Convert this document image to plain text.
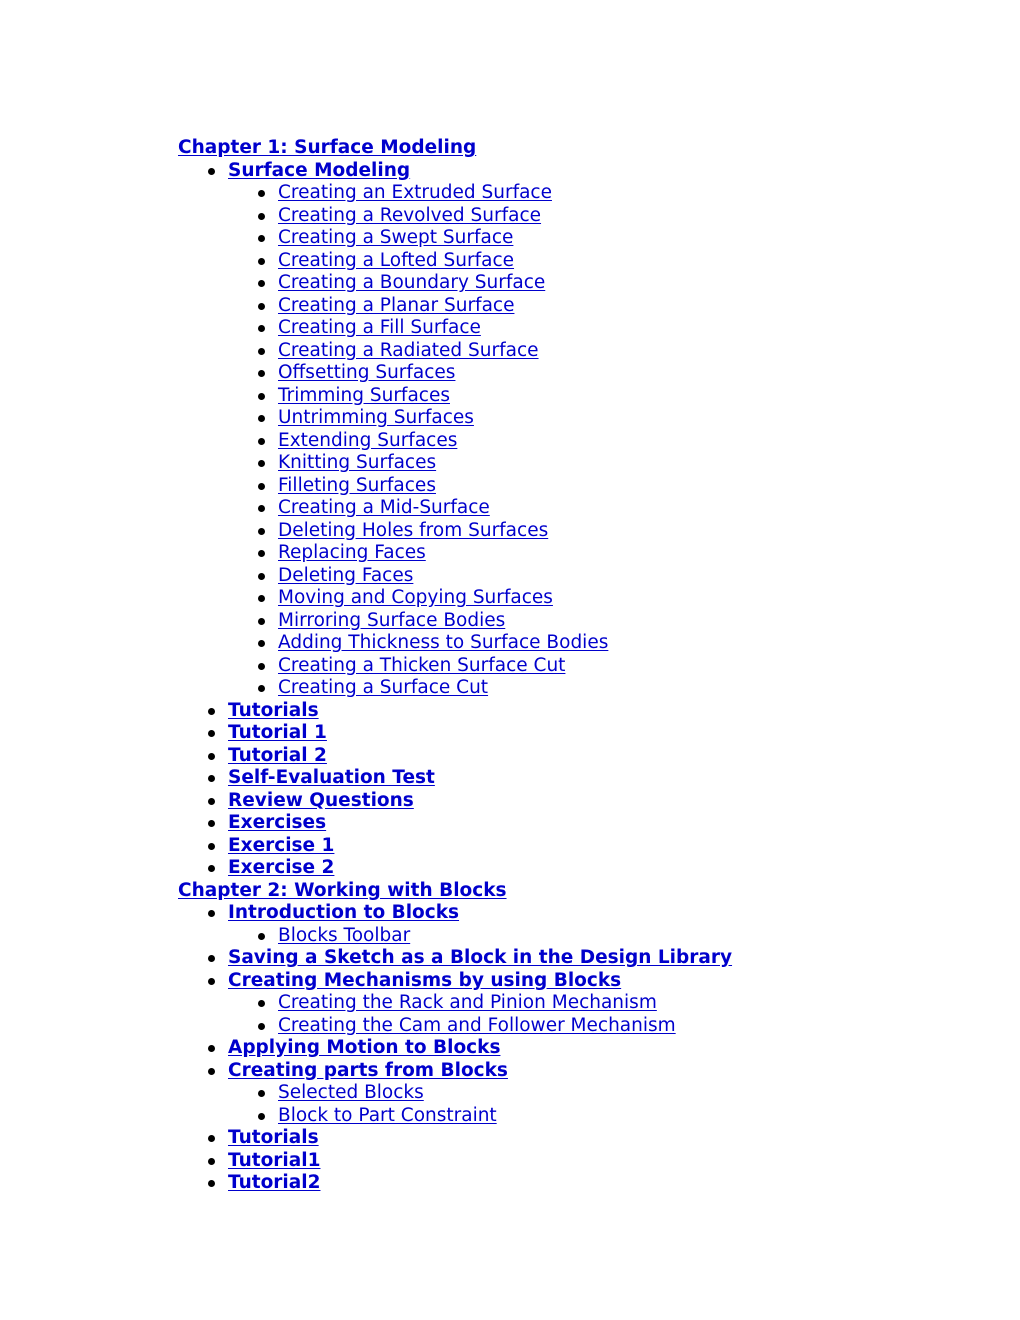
Chapter 1: Surface Modeling
Surface Modeling
Creating an Extruded Surface
Creating a Revolved Surface
Creating a Swept Surface
Creating a Lofted Surface
Creating a Boundary Surface
Creating a Planar Surface
Creating a Fill Surface
Creating a Radiated Surface
Offsetting Surfaces
Trimming Surfaces
Untrimming Surfaces
Extending Surfaces
Knitting Surfaces
Filleting Surfaces
Creating a Mid-Surface
Deleting Holes from Surfaces
Replacing Faces
Deleting Faces
Moving and Copying Surfaces
Mirroring Surface Bodies
Adding Thickness to Surface Bodies
Creating a Thicken Surface Cut
Creating a Surface Cut
Tutorials
Tutorial 1
Tutorial 2
Self-Evaluation Test
Review Questions
Exercises
Exercise 1
Exercise 2
Chapter 2: Working with Blocks
Introduction to Blocks
Blocks Toolbar
Saving a Sketch as a Block in the Design Library
Creating Mechanisms by using Blocks
Creating the Rack and Pinion Mechanism
Creating the Cam and Follower Mechanism
Applying Motion to Blocks
Creating parts from Blocks
Selected Blocks
Block to Part Constraint
Tutorials
Tutorial1
Tutorial2
